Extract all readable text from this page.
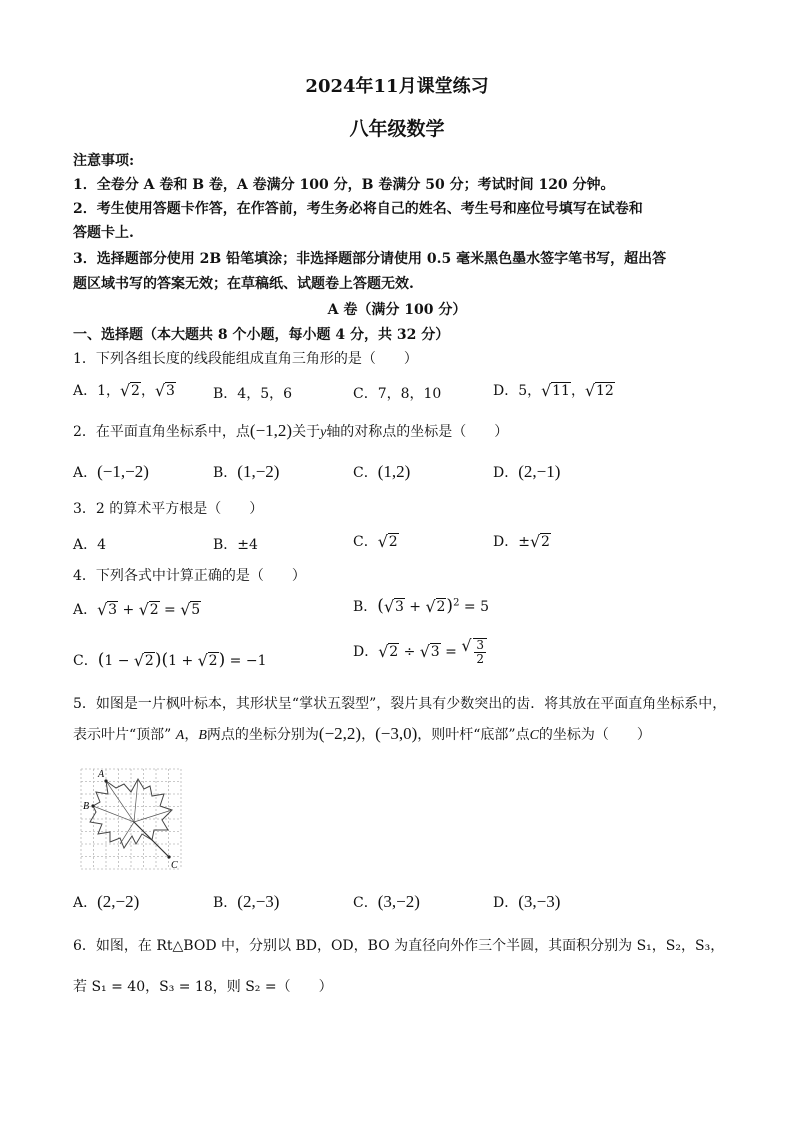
2024年11月课堂练习
八年级数学
注意事项:
1．全卷分 A 卷和 B 卷，A 卷满分 100 分，B 卷满分 50 分；考试时间 120 分钟。
2．考生使用答题卡作答，在作答前，考生务必将自己的姓名、考生号和座位号填写在试卷和
答题卡上.
3．选择题部分使用 2B 铅笔填涂；非选择题部分请使用 0.5 毫米黑色墨水签字笔书写，超出答
题区域书写的答案无效；在草稿纸、试题卷上答题无效.
A 卷（满分 100 分）
一、选择题（本大题共 8 个小题，每小题 4 分，共 32 分）
1．下列各组长度的线段能组成直角三角形的是（　　）
A．1， √ 2， √ 3	B．4，5，6	C．7，8，10	D．5， √ 11， √ 12
2．在平面直角坐标系中，点(−1,2)关于y轴的对称点的坐标是（　　）
A．(−1,−2)	B．(1,−2)	C．(1,2)	D．(2,−1)
3．2 的算术平方根是（　　）
A．4	B．±4	C． √ 2	D．± √ 2
4．下列各式中计算正确的是（　　）
A． √ 3 + √ 2 = √ 5	B．( √ 3 + √ 2)$^2$ = 5
C．(1 − √ 2)(1 + √ 2) = −1
D． √ 2 ÷ √ 3 = √ $\frac{3}{2}$
5．如图是一片枫叶标本，其形状呈“掌状五裂型”，裂片具有少数突出的齿．将其放在平面直角坐标系中，
表示叶片“顶部” A，B两点的坐标分别为(−2,2)，(−3,0)，则叶杆“底部”点C的坐标为（　　）
A
B
C
A．(2,−2)	B．(2,−3)	C．(3,−2)	D．(3,−3)
6．如图，在 Rt△BOD 中，分别以 BD，OD，BO 为直径向外作三个半圆，其面积分别为 S₁，S₂，S₃，
若 S₁ = 40，S₃ = 18，则 S₂ =（　　）
